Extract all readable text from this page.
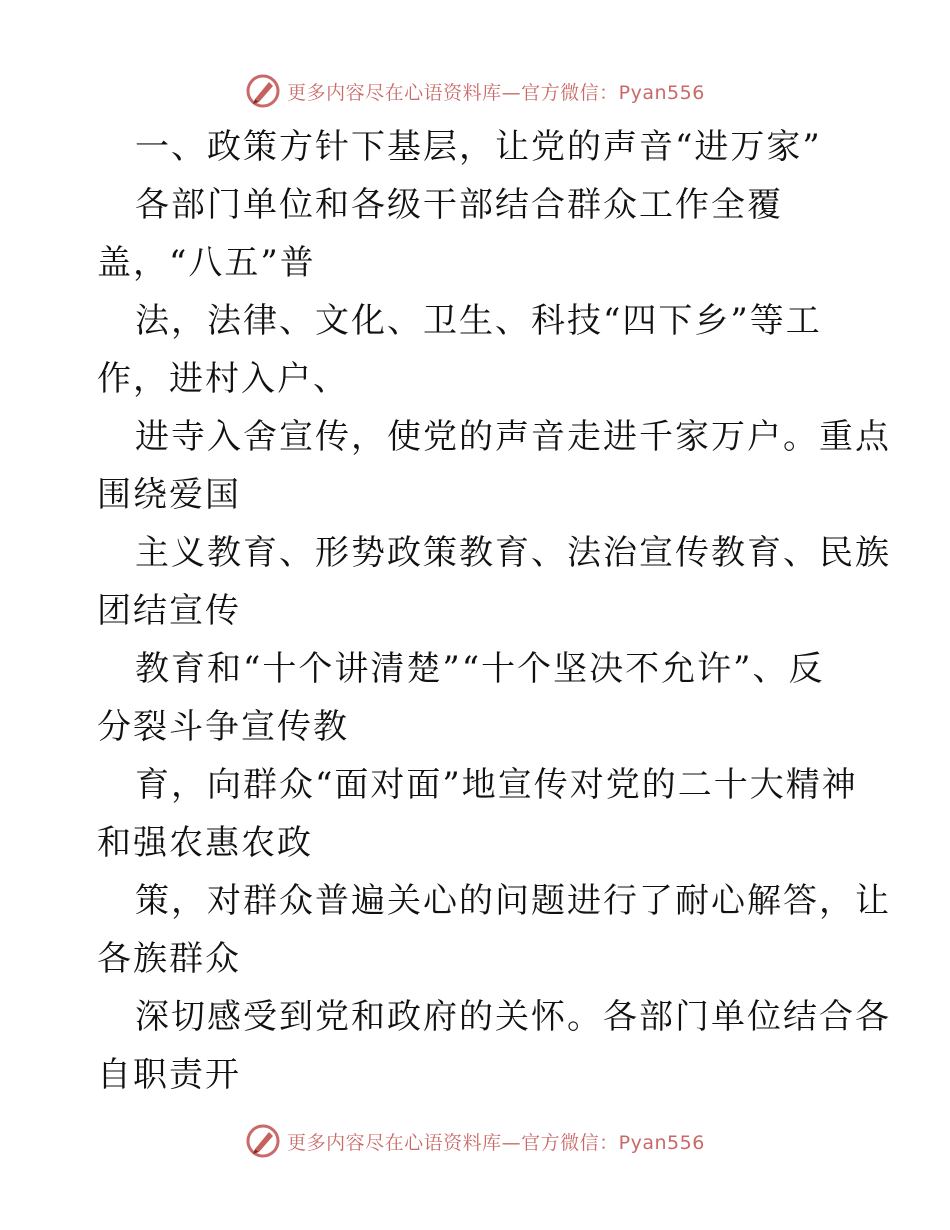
更多内容尽在心语资料库—官方微信：Pyan556
一、政策方针下基层，让党的声音“进万家”
各部门单位和各级干部结合群众工作全覆
盖，“八五”普
法，法律、文化、卫生、科技“四下乡”等工
作，进村入户、
进寺入舍宣传，使党的声音走进千家万户。重点
围绕爱国
主义教育、形势政策教育、法治宣传教育、民族
团结宣传
教育和“十个讲清楚”“十个坚决不允许”、反
分裂斗争宣传教
育，向群众“面对面”地宣传对党的二十大精神
和强农惠农政
策，对群众普遍关心的问题进行了耐心解答，让
各族群众
深切感受到党和政府的关怀。各部门单位结合各
自职责开
更多内容尽在心语资料库—官方微信：Pyan556
